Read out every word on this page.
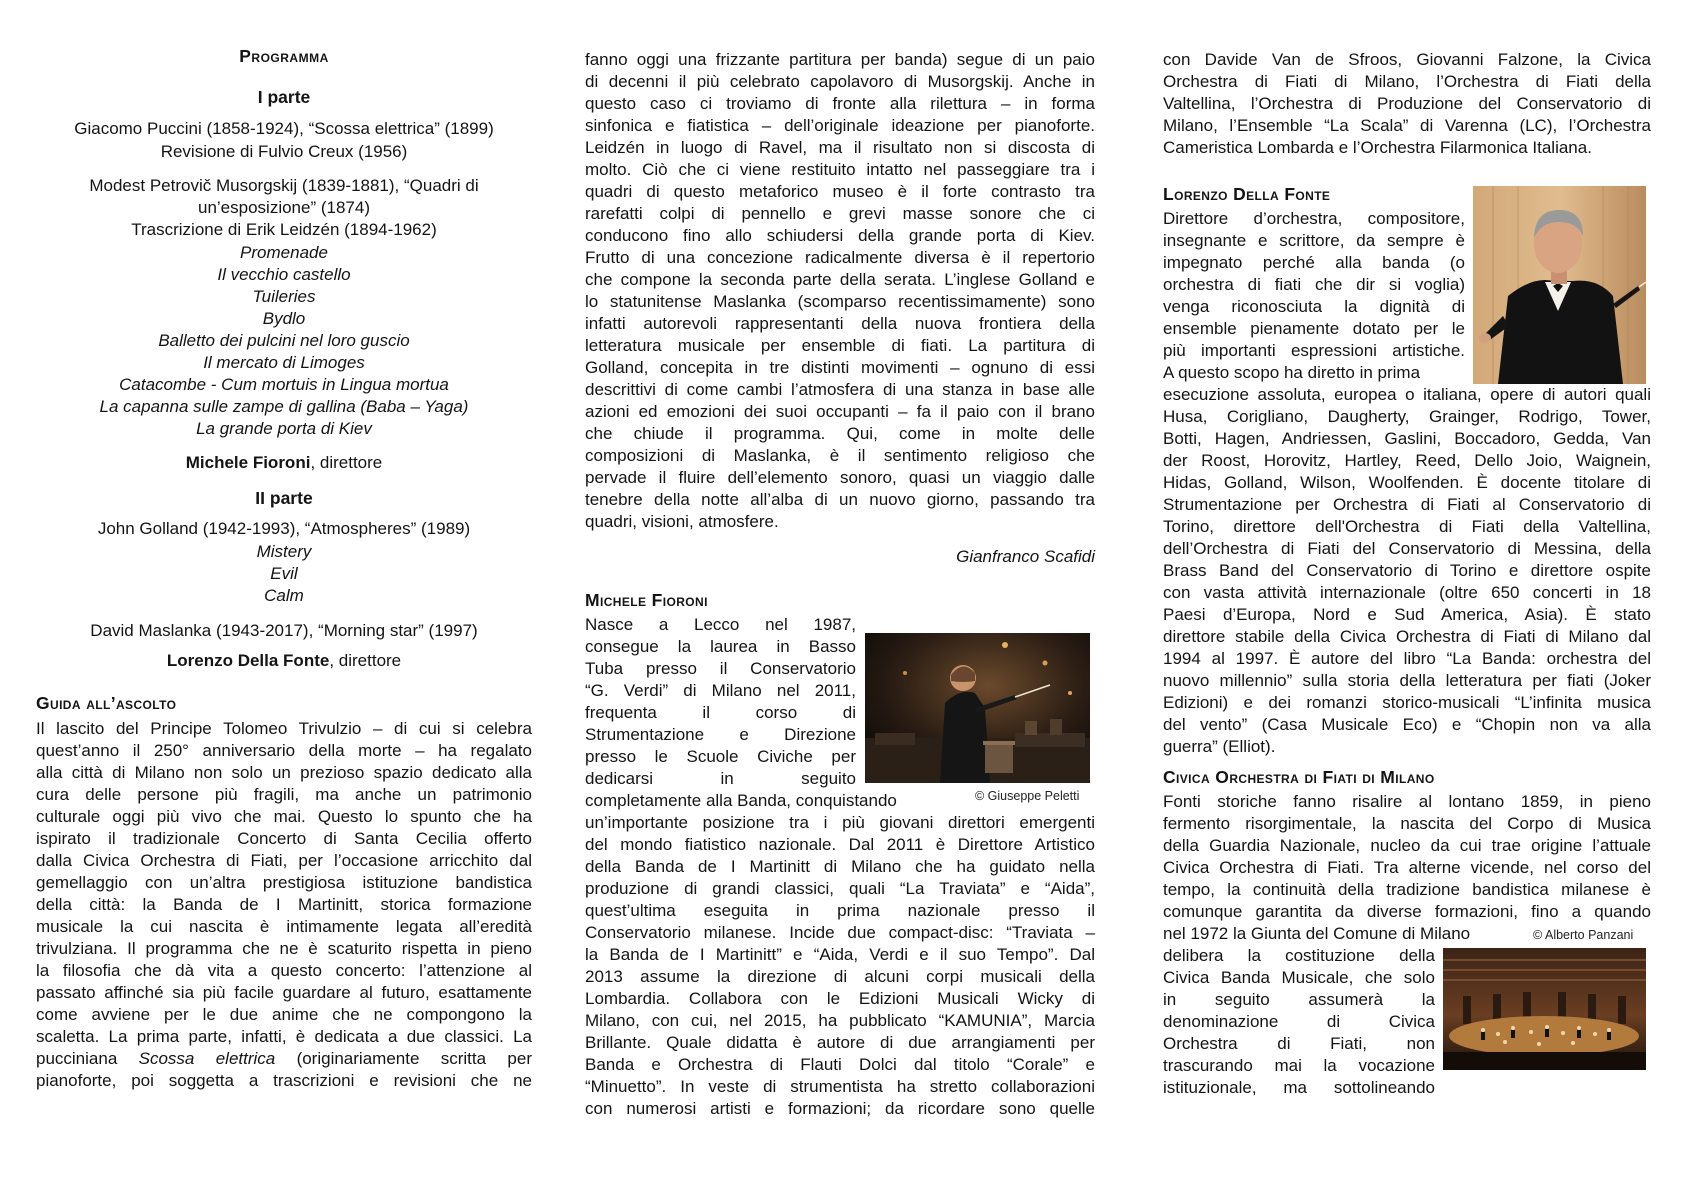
Programma
I parte
Giacomo Puccini (1858-1924), “Scossa elettrica” (1899)
Revisione di Fulvio Creux (1956)
Modest Petrovič Musorgskij (1839-1881), “Quadri di
un’esposizione” (1874)
Trascrizione di Erik Leidzén (1894-1962)
Promenade
Il vecchio castello
Tuileries
Bydlo
Balletto dei pulcini nel loro guscio
Il mercato di Limoges
Catacombe - Cum mortuis in Lingua mortua
La capanna sulle zampe di gallina (Baba – Yaga)
La grande porta di Kiev
Michele Fioroni, direttore
II parte
John Golland (1942-1993), “Atmospheres” (1989)
Mistery
Evil
Calm
David Maslanka (1943-2017), “Morning star” (1997)
Lorenzo Della Fonte, direttore
Guida all’ascolto
Il lascito del Principe Tolomeo Trivulzio – di cui si celebra
quest’anno il 250° anniversario della morte – ha regalato
alla città di Milano non solo un prezioso spazio dedicato alla
cura delle persone più fragili, ma anche un patrimonio
culturale oggi più vivo che mai. Questo lo spunto che ha
ispirato il tradizionale Concerto di Santa Cecilia offerto
dalla Civica Orchestra di Fiati, per l’occasione arricchito dal
gemellaggio con un’altra prestigiosa istituzione bandistica
della città: la Banda de I Martinitt, storica formazione
musicale la cui nascita è intimamente legata all’eredità
trivulziana. Il programma che ne è scaturito rispetta in pieno
la filosofia che dà vita a questo concerto: l’attenzione al
passato affinché sia più facile guardare al futuro, esattamente
come avviene per le due anime che ne compongono la
scaletta. La prima parte, infatti, è dedicata a due classici. La
pucciniana Scossa elettrica (originariamente scritta per
pianoforte, poi soggetta a trascrizioni e revisioni che ne
fanno oggi una frizzante partitura per banda) segue di un paio
di decenni il più celebrato capolavoro di Musorgskij. Anche in
questo caso ci troviamo di fronte alla rilettura – in forma
sinfonica e fiatistica – dell’originale ideazione per pianoforte.
Leidzén in luogo di Ravel, ma il risultato non si discosta di
molto. Ciò che ci viene restituito intatto nel passeggiare tra i
quadri di questo metaforico museo è il forte contrasto tra
rarefatti colpi di pennello e grevi masse sonore che ci
conducono fino allo schiudersi della grande porta di Kiev.
Frutto di una concezione radicalmente diversa è il repertorio
che compone la seconda parte della serata. L’inglese Golland e
lo statunitense Maslanka (scomparso recentissimamente) sono
infatti autorevoli rappresentanti della nuova frontiera della
letteratura musicale per ensemble di fiati. La partitura di
Golland, concepita in tre distinti movimenti – ognuno di essi
descrittivi di come cambi l’atmosfera di una stanza in base alle
azioni ed emozioni dei suoi occupanti – fa il paio con il brano
che chiude il programma. Qui, come in molte delle
composizioni di Maslanka, è il sentimento religioso che
pervade il fluire dell’elemento sonoro, quasi un viaggio dalle
tenebre della notte all’alba di un nuovo giorno, passando tra
quadri, visioni, atmosfere.
Gianfranco Scafidi
Michele Fioroni
Nasce a Lecco nel 1987,
consegue la laurea in Basso
Tuba presso il Conservatorio
“G. Verdi” di Milano nel 2011,
frequenta il corso di
Strumentazione e Direzione
presso le Scuole Civiche per
dedicarsi in seguito
completamente alla Banda, conquistando
un’importante posizione tra i più giovani direttori emergenti
del mondo fiatistico nazionale. Dal 2011 è Direttore Artistico
della Banda de I Martinitt di Milano che ha guidato nella
produzione di grandi classici, quali “La Traviata” e “Aida”,
quest’ultima eseguita in prima nazionale presso il
Conservatorio milanese. Incide due compact-disc: “Traviata –
la Banda de I Martinitt” e “Aida, Verdi e il suo Tempo”. Dal
2013 assume la direzione di alcuni corpi musicali della
Lombardia. Collabora con le Edizioni Musicali Wicky di
Milano, con cui, nel 2015, ha pubblicato “KAMUNIA”, Marcia
Brillante. Quale didatta è autore di due arrangiamenti per
Banda e Orchestra di Flauti Dolci dal titolo “Corale” e
“Minuetto”. In veste di strumentista ha stretto collaborazioni
con numerosi artisti e formazioni; da ricordare sono quelle
© Giuseppe Peletti
con Davide Van de Sfroos, Giovanni Falzone, la Civica
Orchestra di Fiati di Milano, l’Orchestra di Fiati della
Valtellina, l’Orchestra di Produzione del Conservatorio di
Milano, l’Ensemble “La Scala” di Varenna (LC), l’Orchestra
Cameristica Lombarda e l’Orchestra Filarmonica Italiana.
Lorenzo Della Fonte
Direttore d’orchestra, compositore,
insegnante e scrittore, da sempre è
impegnato perché alla banda (o
orchestra di fiati che dir si voglia)
venga riconosciuta la dignità di
ensemble pienamente dotato per le
più importanti espressioni artistiche.
A questo scopo ha diretto in prima
esecuzione assoluta, europea o italiana, opere di autori quali
Husa, Corigliano, Daugherty, Grainger, Rodrigo, Tower,
Botti, Hagen, Andriessen, Gaslini, Boccadoro, Gedda, Van
der Roost, Horovitz, Hartley, Reed, Dello Joio, Waignein,
Hidas, Golland, Wilson, Woolfenden. È docente titolare di
Strumentazione per Orchestra di Fiati al Conservatorio di
Torino, direttore dell'Orchestra di Fiati della Valtellina,
dell’Orchestra di Fiati del Conservatorio di Messina, della
Brass Band del Conservatorio di Torino e direttore ospite
con vasta attività internazionale (oltre 650 concerti in 18
Paesi d’Europa, Nord e Sud America, Asia). È stato
direttore stabile della Civica Orchestra di Fiati di Milano dal
1994 al 1997. È autore del libro “La Banda: orchestra del
nuovo millennio” sulla storia della letteratura per fiati (Joker
Edizioni) e dei romanzi storico-musicali “L’infinita musica
del vento” (Casa Musicale Eco) e “Chopin non va alla
guerra” (Elliot).
Civica Orchestra di Fiati di Milano
Fonti storiche fanno risalire al lontano 1859, in pieno
fermento risorgimentale, la nascita del Corpo di Musica
della Guardia Nazionale, nucleo da cui trae origine l’attuale
Civica Orchestra di Fiati. Tra alterne vicende, nel corso del
tempo, la continuità della tradizione bandistica milanese è
comunque garantita da diverse formazioni, fino a quando
nel 1972 la Giunta del Comune di Milano	© Alberto Panzani
delibera la costituzione della
Civica Banda Musicale, che solo
in seguito assumerà la
denominazione di Civica
Orchestra di Fiati, non
trascurando mai la vocazione
istituzionale, ma sottolineando
